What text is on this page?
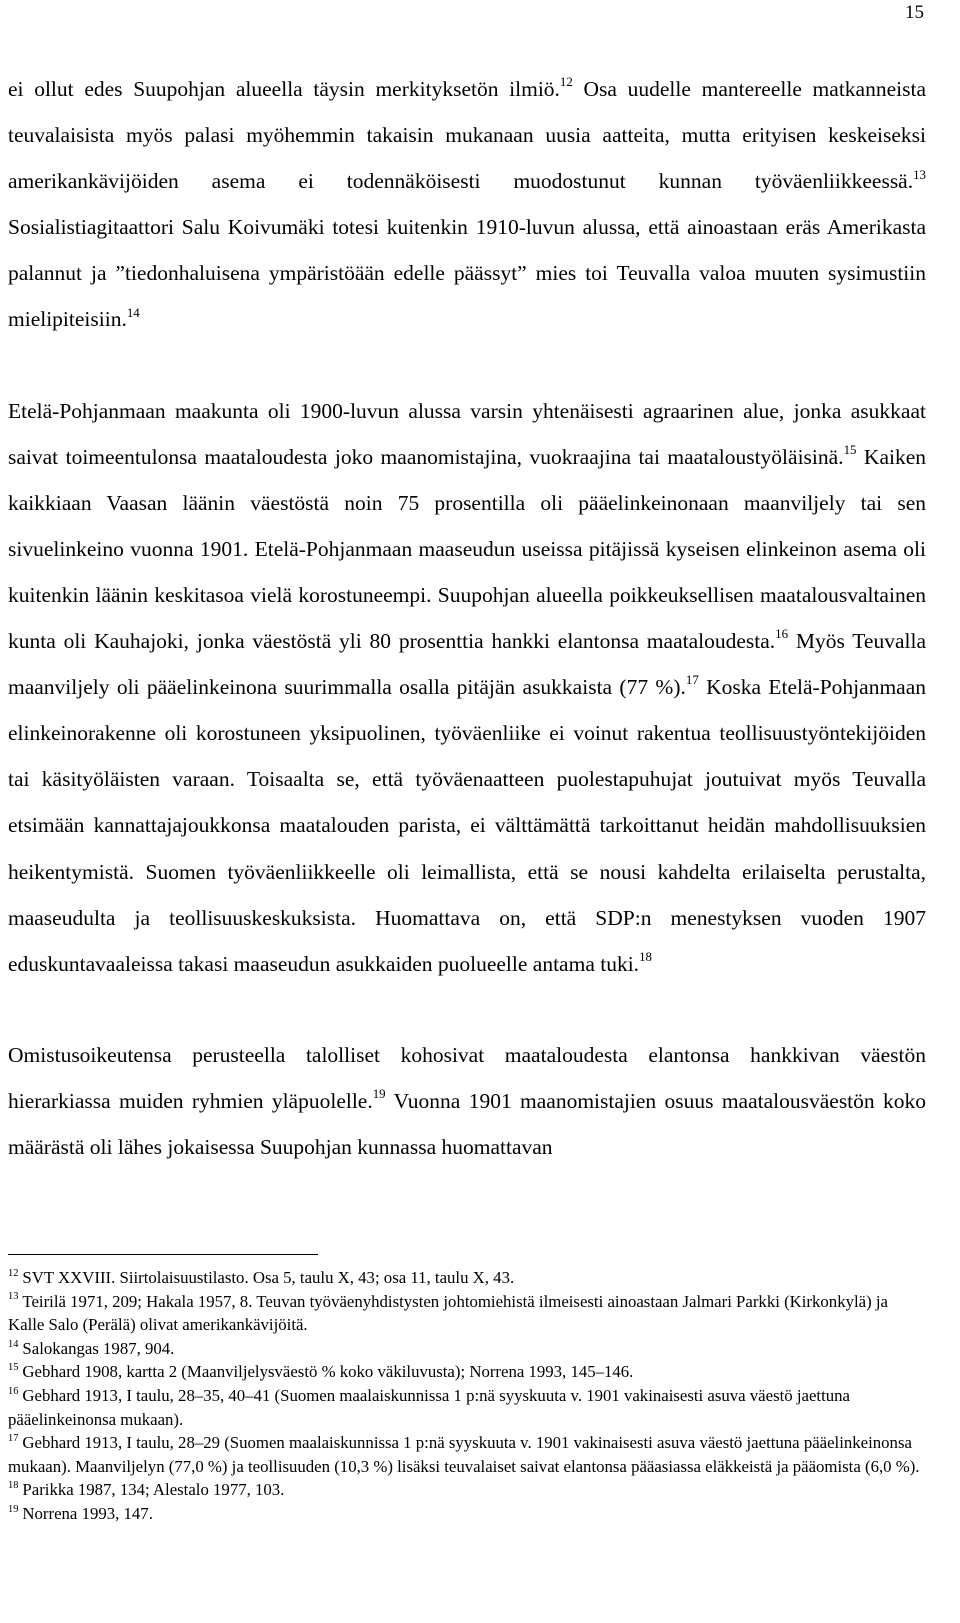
15

ei ollut edes Suupohjan alueella täysin merkityksetön ilmiö.$^{12}$ Osa uudelle mantereelle matkanneista teuvalaisista myös palasi myöhemmin takaisin mukanaan uusia aatteita, mutta erityisen keskeiseksi amerikankävijöiden asema ei todennäköisesti muodostunut kunnan työväenliikkeessä.$^{13}$ Sosialistiagitaattori Salu Koivumäki totesi kuitenkin 1910-luvun alussa, että ainoastaan eräs Amerikasta palannut ja ”tiedonhaluisena ympäristöään edelle päässyt” mies toi Teuvalla valoa muuten sysimustiin mielipiteisiin.$^{14}$

Etelä-Pohjanmaan maakunta oli 1900-luvun alussa varsin yhtenäisesti agraarinen alue, jonka asukkaat saivat toimeentulonsa maataloudesta joko maanomistajina, vuokraajina tai maataloustyöläisinä.$^{15}$ Kaiken kaikkiaan Vaasan läänin väestöstä noin 75 prosentilla oli pääelinkeinonaan maanviljely tai sen sivuelinkeino vuonna 1901. Etelä-Pohjanmaan maaseudun useissa pitäjissä kyseisen elinkeinon asema oli kuitenkin läänin keskitasoa vielä korostuneempi. Suupohjan alueella poikkeuksellisen maatalousvaltainen kunta oli Kauhajoki, jonka väestöstä yli 80 prosenttia hankki elantonsa maataloudesta.$^{16}$ Myös Teuvalla maanviljely oli pääelinkeinona suurimmalla osalla pitäjän asukkaista (77 %).$^{17}$ Koska Etelä-Pohjanmaan elinkeinorakenne oli korostuneen yksipuolinen, työväenliike ei voinut rakentua teollisuustyöntekijöiden tai käsityöläisten varaan. Toisaalta se, että työväenaatteen puolestapuhujat joutuivat myös Teuvalla etsimään kannattajajoukkonsa maatalouden parista, ei välttämättä tarkoittanut heidän mahdollisuuksien heikentymistä. Suomen työväenliikkeelle oli leimallista, että se nousi kahdelta erilaiselta perustalta, maaseudulta ja teollisuuskeskuksista. Huomattava on, että SDP:n menestyksen vuoden 1907 eduskuntavaaleissa takasi maaseudun asukkaiden puolueelle antama tuki.$^{18}$

Omistusoikeutensa perusteella talolliset kohosivat maataloudesta elantonsa hankkivan väestön hierarkiassa muiden ryhmien yläpuolelle.$^{19}$ Vuonna 1901 maanomistajien osuus maatalousväestön koko määrästä oli lähes jokaisessa Suupohjan kunnassa huomattavan

$^{12}$ SVT XXVIII. Siirtolaisuustilasto. Osa 5, taulu X, 43; osa 11, taulu X, 43.
$^{13}$ Teirilä 1971, 209; Hakala 1957, 8. Teuvan työväenyhdistysten johtomiehistä ilmeisesti ainoastaan Jalmari Parkki (Kirkonkylä) ja Kalle Salo (Perälä) olivat amerikankävijöitä.
$^{14}$ Salokangas 1987, 904.
$^{15}$ Gebhard 1908, kartta 2 (Maanviljelysväestö % koko väkiluvusta); Norrena 1993, 145–146.
$^{16}$ Gebhard 1913, I taulu, 28–35, 40–41 (Suomen maalaiskunnissa 1 p:nä syyskuuta v. 1901 vakinaisesti asuva väestö jaettuna pääelinkeinonsa mukaan).
$^{17}$ Gebhard 1913, I taulu, 28–29 (Suomen maalaiskunnissa 1 p:nä syyskuuta v. 1901 vakinaisesti asuva väestö jaettuna pääelinkeinonsa mukaan). Maanviljelyn (77,0 %) ja teollisuuden (10,3 %) lisäksi teuvalaiset saivat elantonsa pääasiassa eläkkeistä ja pääomista (6,0 %).
$^{18}$ Parikka 1987, 134; Alestalo 1977, 103.
$^{19}$ Norrena 1993, 147.
